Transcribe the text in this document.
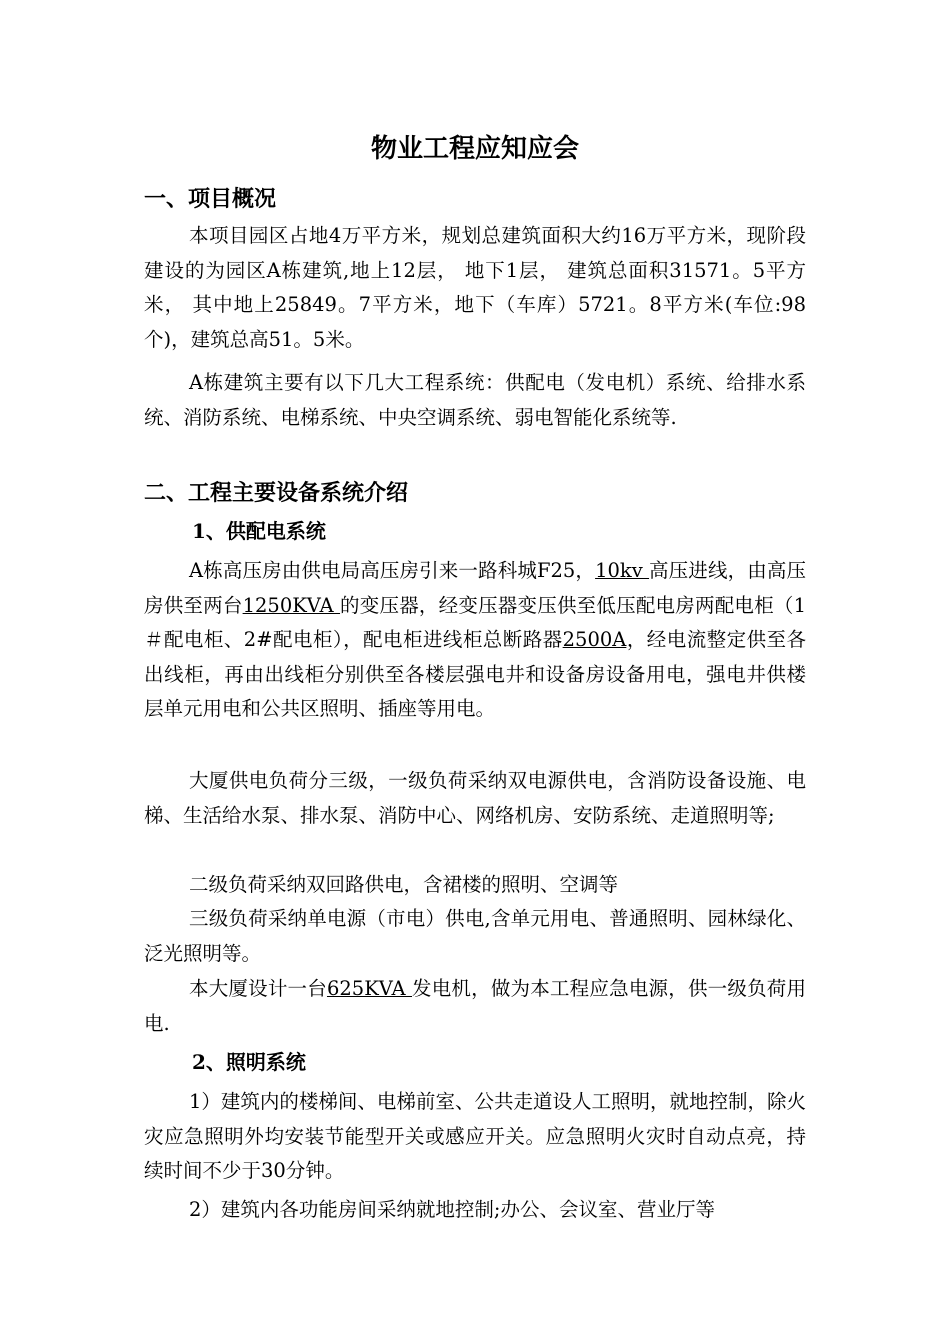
物业工程应知应会
一、项目概况
本项目园区占地4万平方米，规划总建筑面积大约16万平方米，现阶段建设的为园区A栋建筑,地上12层， 地下1层， 建筑总面积31571。5平方米， 其中地上25849。7平方米，地下（车库）5721。8平方米(车位:98个)，建筑总高51。5米。
A栋建筑主要有以下几大工程系统：供配电（发电机）系统、给排水系统、消防系统、电梯系统、中央空调系统、弱电智能化系统等.
二、工程主要设备系统介绍
1、供配电系统
A栋高压房由供电局高压房引来一路科城F25，10kv 高压进线，由高压房供至两台1250KVA 的变压器，经变压器变压供至低压配电房两配电柜（1＃配电柜、2#配电柜），配电柜进线柜总断路器2500A，经电流整定供至各出线柜，再由出线柜分别供至各楼层强电井和设备房设备用电，强电井供楼层单元用电和公共区照明、插座等用电。
大厦供电负荷分三级，一级负荷采纳双电源供电，含消防设备设施、电梯、生活给水泵、排水泵、消防中心、网络机房、安防系统、走道照明等;
二级负荷采纳双回路供电，含裙楼的照明、空调等
三级负荷采纳单电源（市电）供电,含单元用电、普通照明、园林绿化、泛光照明等。
本大厦设计一台625KVA 发电机，做为本工程应急电源，供一级负荷用电.
2、照明系统
1）建筑内的楼梯间、电梯前室、公共走道设人工照明，就地控制，除火灾应急照明外均安装节能型开关或感应开关。应急照明火灾时自动点亮，持续时间不少于30分钟。
2）建筑内各功能房间采纳就地控制;办公、会议室、营业厅等
